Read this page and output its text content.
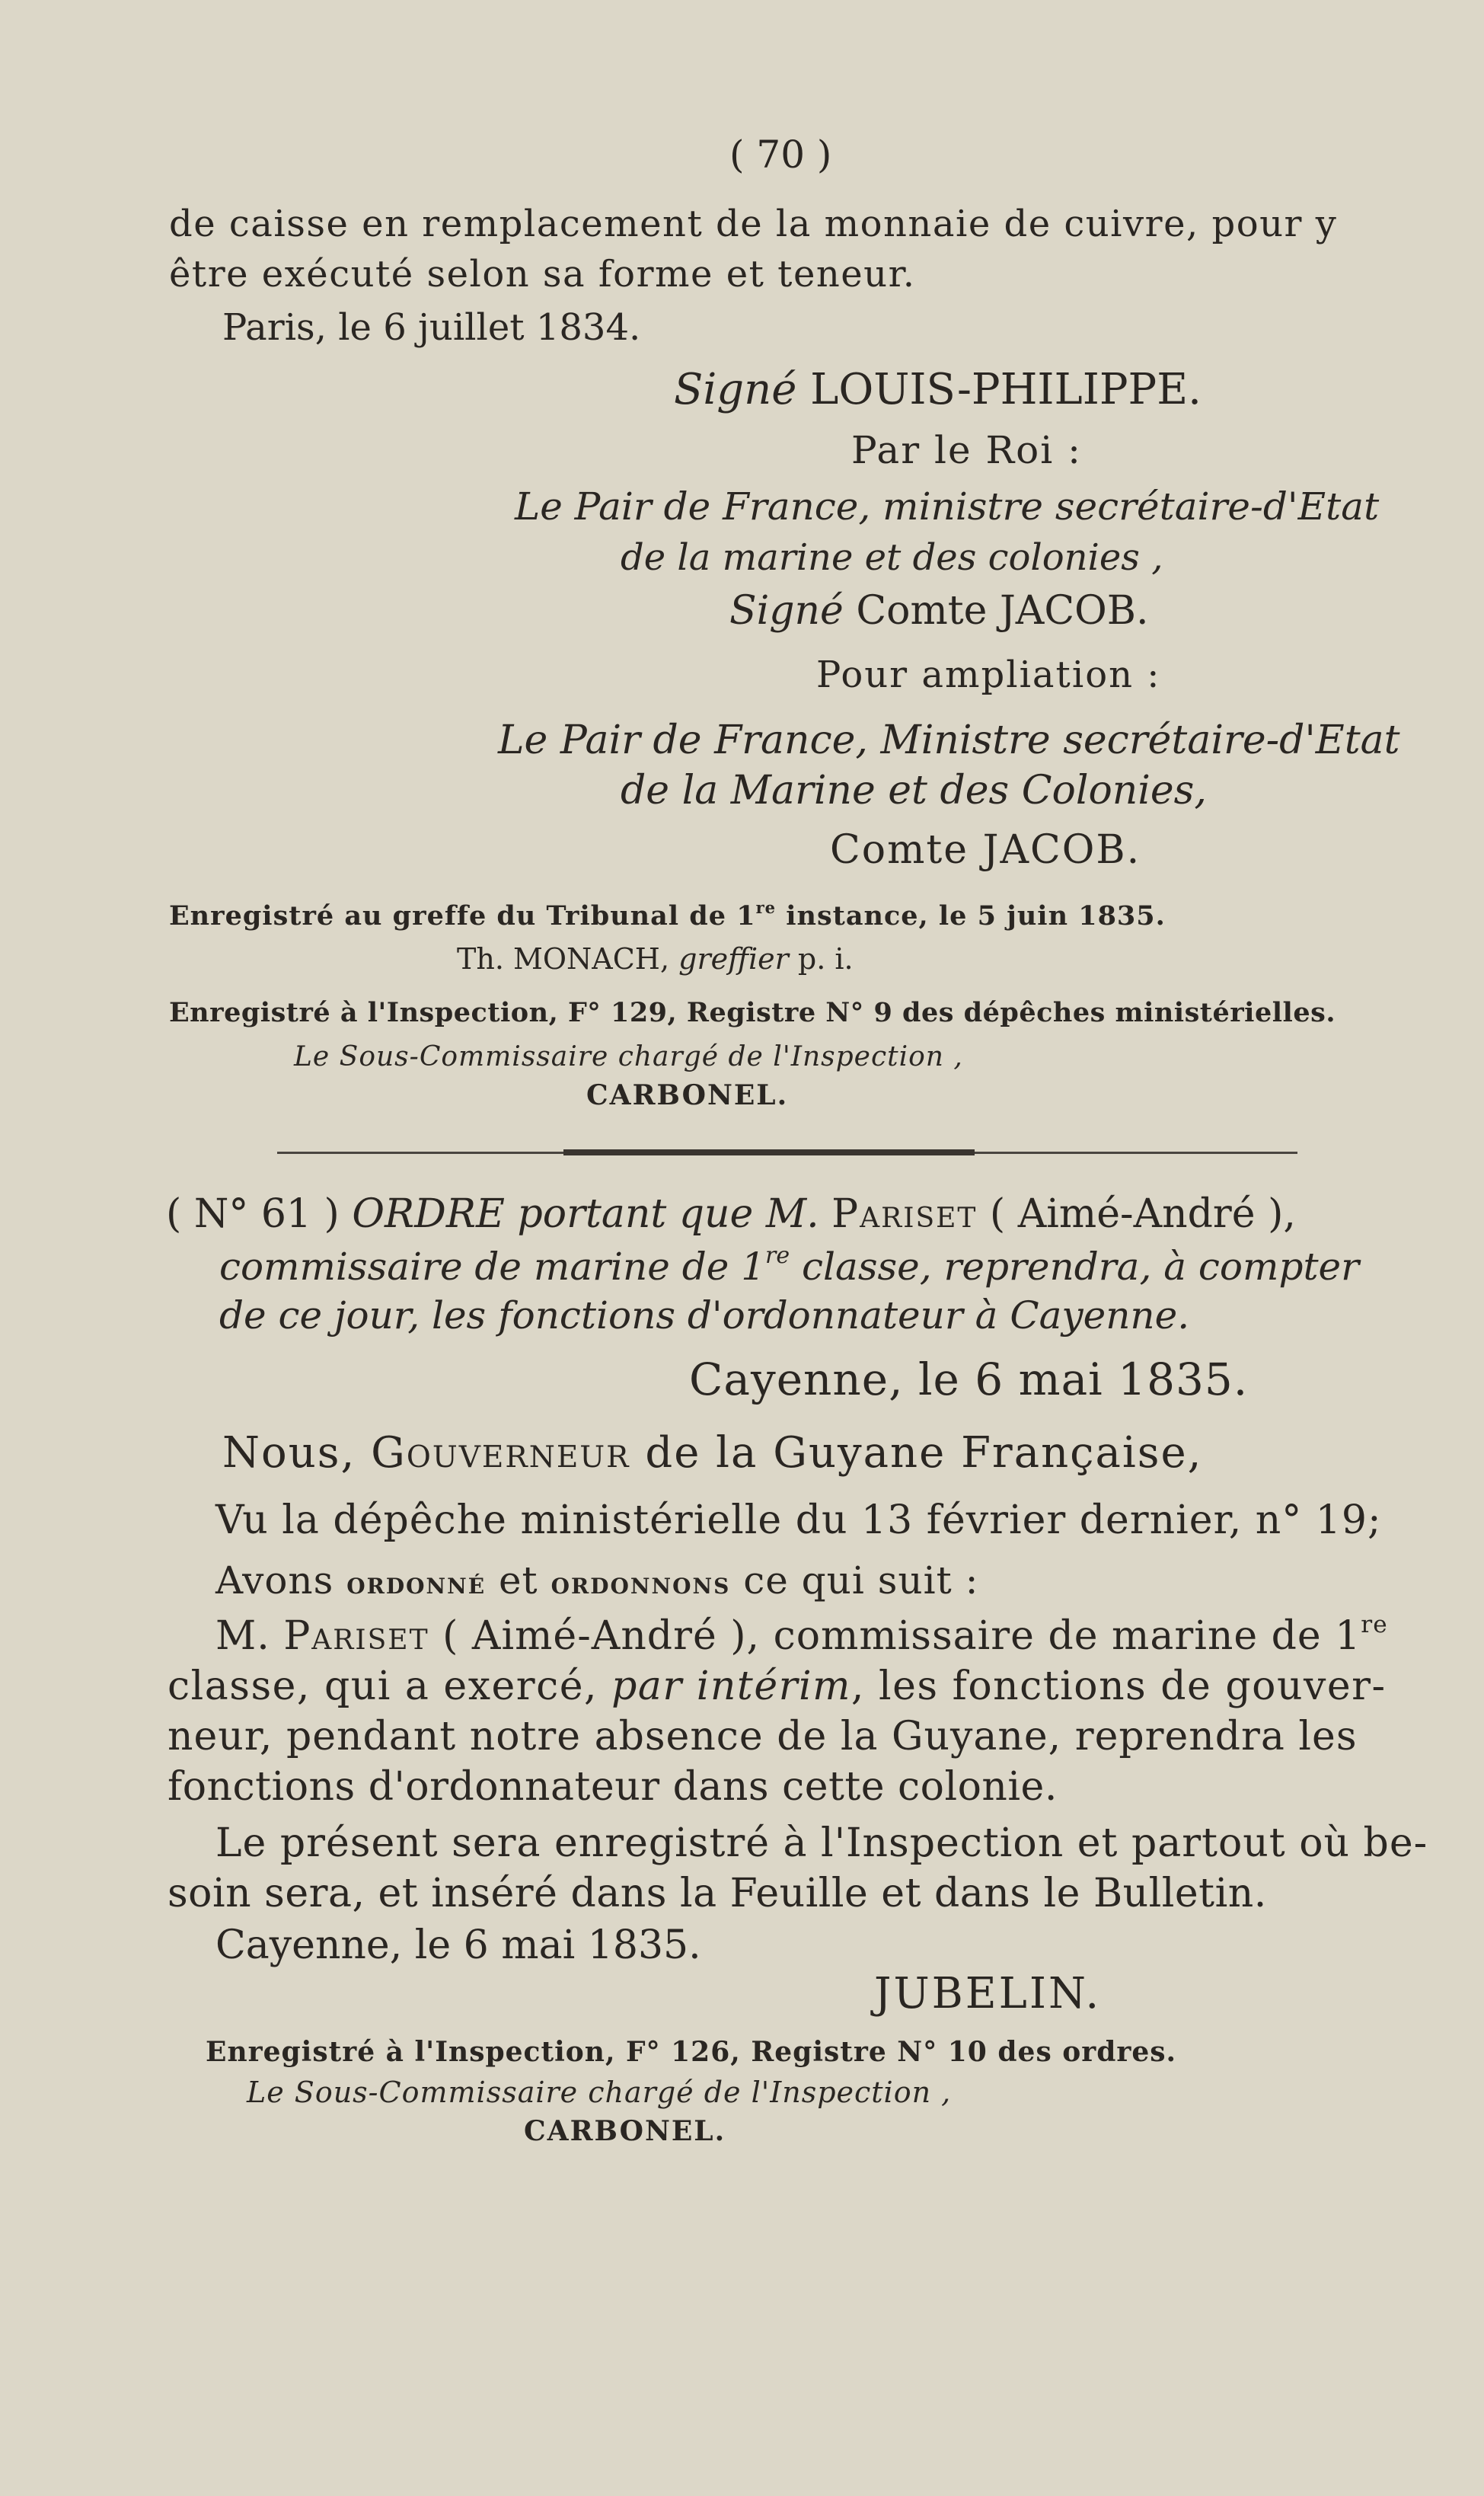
( 70 )
de caisse en remplacement de la monnaie de cuivre, pour y
être exécuté selon sa forme et teneur.
Paris, le 6 juillet 1834.
Signé LOUIS-PHILIPPE.
Par le Roi :
Le Pair de France, ministre secrétaire-d'Etat
de la marine et des colonies ,
Signé Comte JACOB.
Pour ampliation :
Le Pair de France, Ministre secrétaire-d'Etat
de la Marine et des Colonies,
Comte JACOB.
Enregistré au greffe du Tribunal de 1re instance, le 5 juin 1835.
Th. MONACH, greffier p. i.
Enregistré à l'Inspection, F° 129, Registre N° 9 des dépêches ministérielles.
Le Sous-Commissaire chargé de l'Inspection ,
CARBONEL.
( N° 61 ) ORDRE portant que M. Pariset ( Aimé-André ),
commissaire de marine de 1re classe, reprendra, à compter
de ce jour, les fonctions d'ordonnateur à Cayenne.
Cayenne, le 6 mai 1835.
Nous, Gouverneur de la Guyane Française,
Vu la dépêche ministérielle du 13 février dernier, n° 19;
Avons ordonné et ordonnons ce qui suit :
M. Pariset ( Aimé-André ), commissaire de marine de 1re
classe, qui a exercé, par intérim, les fonctions de gouver-
neur, pendant notre absence de la Guyane, reprendra les
fonctions d'ordonnateur dans cette colonie.
Le présent sera enregistré à l'Inspection et partout où be-
soin sera, et inséré dans la Feuille et dans le Bulletin.
Cayenne, le 6 mai 1835.
JUBELIN.
Enregistré à l'Inspection, F° 126, Registre N° 10 des ordres.
Le Sous-Commissaire chargé de l'Inspection ,
CARBONEL.
